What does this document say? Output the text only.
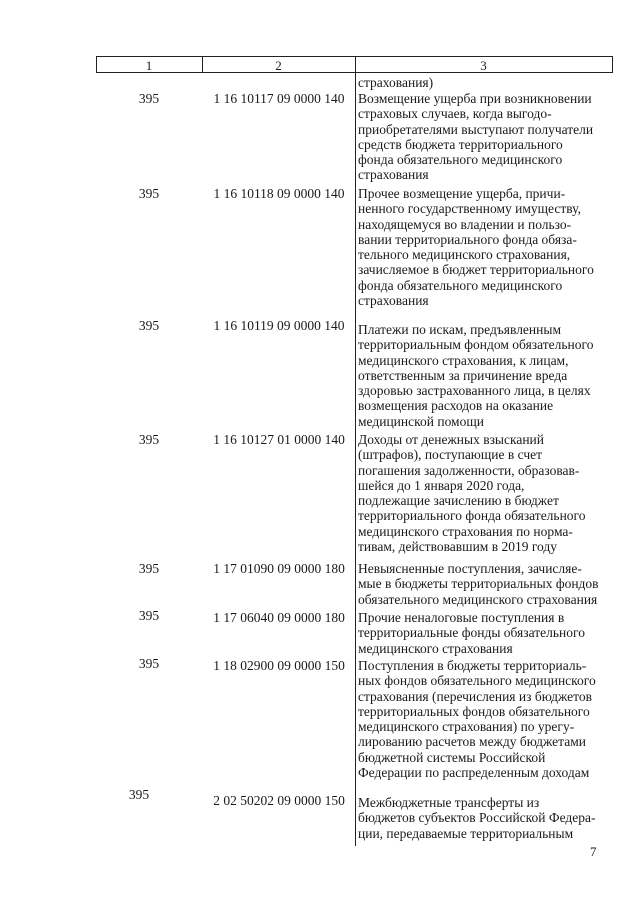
1	2	3
страхования)
395	1 16 10117 09 0000 140 Возмещение ущерба при возникновении
страховых случаев, когда выгодо-
приобретателями выступают получатели
средств бюджета территориального
фонда обязательного медицинского
страхования
395	1 16 10118 09 0000 140 Прочее возмещение ущерба, причи-
ненного государственному имуществу,
находящемуся во владении и пользо-
вании территориального фонда обяза-
тельного медицинского страхования,
зачисляемое в бюджет территориального
фонда обязательного медицинского
страхования
395	1 16 10119 09 0000 140 Платежи по искам, предъявленным
территориальным фондом обязательного
медицинского страхования, к лицам,
ответственным за причинение вреда
здоровью застрахованного лица, в целях
возмещения расходов на оказание
медицинской помощи
395	1 16 10127 01 0000 140 Доходы от денежных взысканий
(штрафов), поступающие в счет
погашения задолженности, образовав-
шейся до 1 января 2020 года,
подлежащие зачислению в бюджет
территориального фонда обязательного
медицинского страхования по норма-
тивам, действовавшим в 2019 году
395	1 17 01090 09 0000 180 Невыясненные поступления, зачисляе-
мые в бюджеты территориальных фондов
обязательного медицинского страхования
395	1 17 06040 09 0000 180 Прочие неналоговые поступления в
территориальные фонды обязательного
медицинского страхования
395	1 18 02900 09 0000 150 Поступления в бюджеты территориаль-
ных фондов обязательного медицинского
страхования (перечисления из бюджетов
территориальных фондов обязательного
медицинского страхования) по урегу-
лированию расчетов между бюджетами
бюджетной системы Российской
Федерации по распределенным доходам
395	2 02 50202 09 0000 150 Межбюджетные трансферты из
бюджетов субъектов Российской Федера-
ции, передаваемые территориальным
7
